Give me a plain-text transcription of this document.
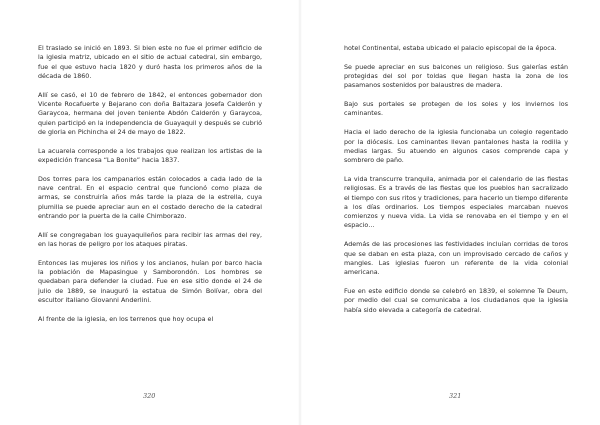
El traslado se inició en 1893. Si bien este no fue el primer edificio de la iglesia matriz, ubicado en el sitio de actual catedral, sin embargo, fue el que estuvo hacia 1820 y duró hasta los primeros años de la década de 1860.

Allí se casó, el 10 de febrero de 1842, el entonces gobernador don Vicente Rocafuerte y Bejarano con doña Baltazara Josefa Calderón y Garaycoa, hermana del joven teniente Abdón Calderón y Garaycoa, quien participó en la independencia de Guayaquil y después se cubrió de gloria en Pichincha el 24 de mayo de 1822.

La acuarela corresponde a los trabajos que realizan los artistas de la expedición francesa “La Bonite” hacia 1837.

Dos torres para los campanarios están colocados a cada lado de la nave central. En el espacio central que funcionó como plaza de armas, se construiría años más tarde la plaza de la estrella, cuya plumilla se puede apreciar aun en el costado derecho de la catedral entrando por la puerta de la calle Chimborazo.

Allí se congregaban los guayaquileños para recibir las armas del rey, en las horas de peligro por los ataques piratas.

Entonces las mujeres los niños y los ancianos, huían por barco hacia la población de Mapasingue y Samborondón. Los hombres se quedaban para defender la ciudad. Fue en ese sitio donde el 24 de julio de 1889, se inauguró la estatua de Simón Bolívar, obra del escultor italiano Giovanni Anderlini.

Al frente de la iglesia, en los terrenos que hoy ocupa el

320

hotel Continental, estaba ubicado el palacio episcopal de la época.

Se puede apreciar en sus balcones un religioso. Sus galerías están protegidas del sol por toldas que llegan hasta la zona de los pasamanos sostenidos por balaustres de madera.

Bajo sus portales se protegen de los soles y los inviernos los caminantes.

Hacia el lado derecho de la iglesia funcionaba un colegio regentado por la diócesis. Los caminantes llevan pantalones hasta la rodilla y medias largas. Su atuendo en algunos casos comprende capa y sombrero de paño.

La vida transcurre tranquila, animada por el calendario de las fiestas religiosas. Es a través de las fiestas que los pueblos han sacralizado el tiempo con sus ritos y tradiciones, para hacerlo un tiempo diferente a los días ordinarios. Los tiempos especiales marcaban nuevos comienzos y nueva vida. La vida se renovaba en el tiempo y en el espacio…

Además de las procesiones las festividades incluían corridas de toros que se daban en esta plaza, con un improvisado cercado de caños y mangles. Las iglesias fueron un referente de la vida colonial americana.

Fue en este edificio donde se celebró en 1839, el solemne Te Deum, por medio del cual se comunicaba a los ciudadanos que la iglesia había sido elevada a categoría de catedral.

321
